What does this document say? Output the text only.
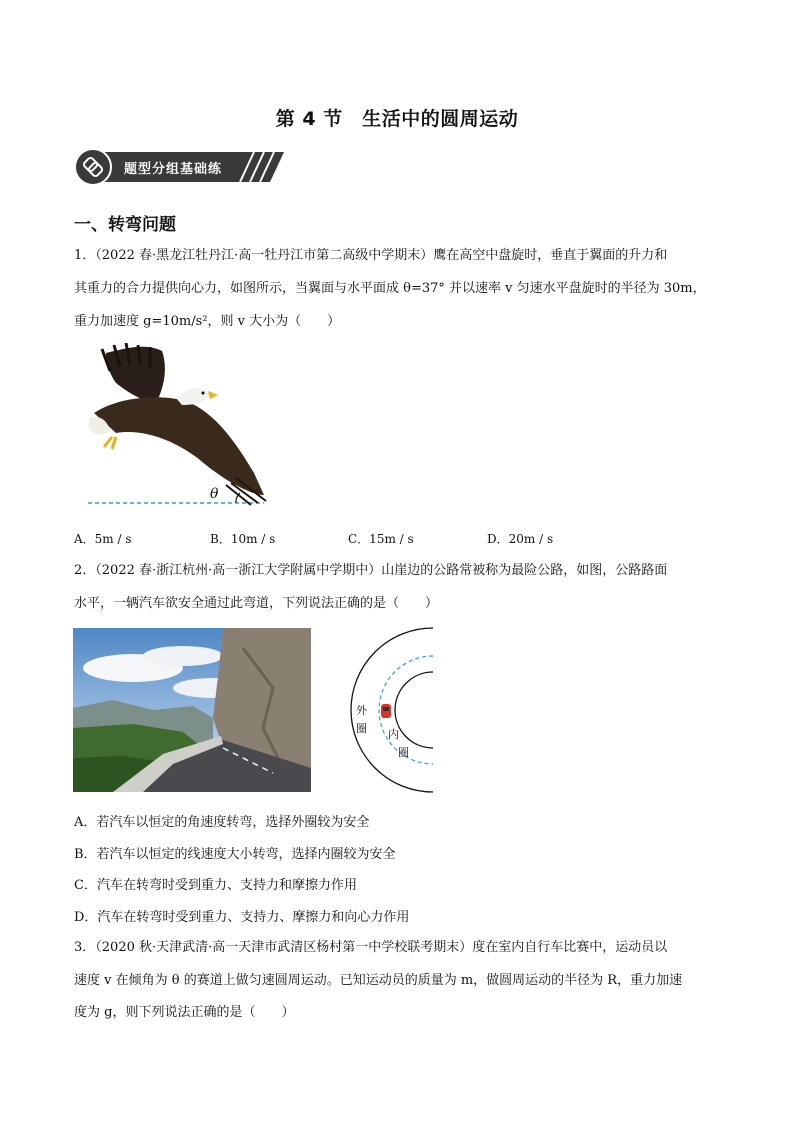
第 4 节　生活中的圆周运动
题型分组基础练
一、转弯问题
1．（2022 春·黑龙江牡丹江·高一牡丹江市第二高级中学期末）鹰在高空中盘旋时，垂直于翼面的升力和
其重力的合力提供向心力，如图所示，当翼面与水平面成 θ=37° 并以速率 v 匀速水平盘旋时的半径为 30m，
重力加速度 g=10m/s²，则 v 大小为（　　）
θ
A．5m / s	B．10m / s	C．15m / s	D．20m / s
2．（2022 春·浙江杭州·高一浙江大学附属中学期中）山崖边的公路常被称为最险公路，如图，公路路面
水平，一辆汽车欲安全通过此弯道，下列说法正确的是（　　）
外
圈 内
圈
A．若汽车以恒定的角速度转弯，选择外圈较为安全
B．若汽车以恒定的线速度大小转弯，选择内圈较为安全
C．汽车在转弯时受到重力、支持力和摩擦力作用
D．汽车在转弯时受到重力、支持力、摩擦力和向心力作用
3．（2020 秋·天津武清·高一天津市武清区杨村第一中学校联考期末）度在室内自行车比赛中，运动员以
速度 v 在倾角为 θ 的赛道上做匀速圆周运动。已知运动员的质量为 m，做圆周运动的半径为 R，重力加速
度为 g，则下列说法正确的是（　　）
